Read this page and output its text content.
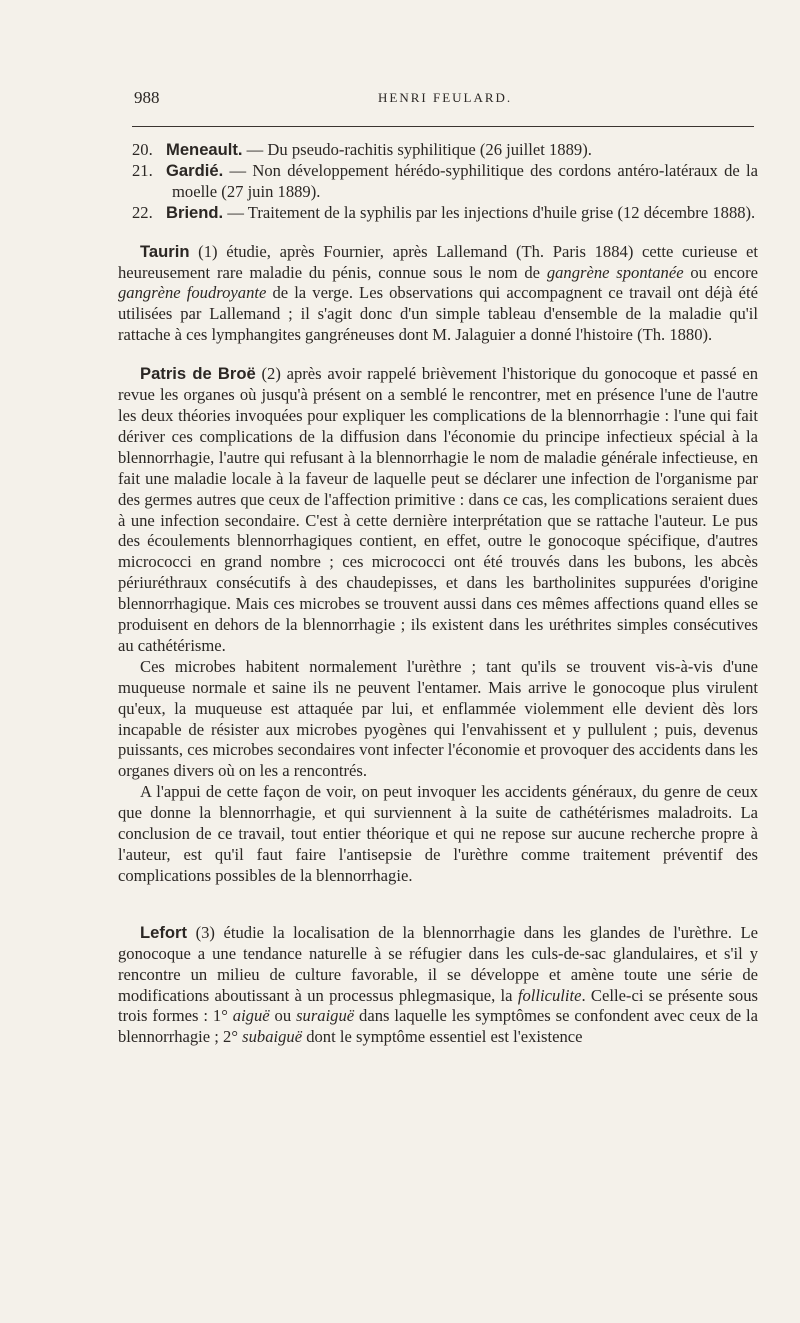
988	HENRI FEULARD.
20. Meneault. — Du pseudo-rachitis syphilitique (26 juillet 1889).
21. Gardié. — Non développement hérédo-syphilitique des cordons antéro-latéraux de la moelle (27 juin 1889).
22. Briend. — Traitement de la syphilis par les injections d'huile grise (12 décembre 1888).

Taurin (1) étudie, après Fournier, après Lallemand (Th. Paris 1884) cette curieuse et heureusement rare maladie du pénis, connue sous le nom de gangrène spontanée ou encore gangrène foudroyante de la verge. Les observations qui accompagnent ce travail ont déjà été utilisées par Lallemand ; il s'agit donc d'un simple tableau d'ensemble de la maladie qu'il rattache à ces lymphangites gangréneuses dont M. Jalaguier a donné l'histoire (Th. 1880).

Patris de Broë (2) après avoir rappelé brièvement l'historique du gonocoque et passé en revue les organes où jusqu'à présent on a semblé le rencontrer, met en présence l'une de l'autre les deux théories invoquées pour expliquer les complications de la blennorrhagie : l'une qui fait dériver ces complications de la diffusion dans l'économie du principe infectieux spécial à la blennorrhagie, l'autre qui refusant à la blennorrhagie le nom de maladie générale infectieuse, en fait une maladie locale à la faveur de laquelle peut se déclarer une infection de l'organisme par des germes autres que ceux de l'affection primitive : dans ce cas, les complications seraient dues à une infection secondaire. C'est à cette dernière interprétation que se rattache l'auteur. Le pus des écoulements blennorrhagiques contient, en effet, outre le gonocoque spécifique, d'autres micrococci en grand nombre ; ces micrococci ont été trouvés dans les bubons, les abcès périuréthraux consécutifs à des chaudepisses, et dans les bartholinites suppurées d'origine blennorrhagique. Mais ces microbes se trouvent aussi dans ces mêmes affections quand elles se produisent en dehors de la blennorrhagie ; ils existent dans les uréthrites simples consécutives au cathétérisme.

Ces microbes habitent normalement l'urèthre ; tant qu'ils se trouvent vis-à-vis d'une muqueuse normale et saine ils ne peuvent l'entamer. Mais arrive le gonocoque plus virulent qu'eux, la muqueuse est attaquée par lui, et enflammée violemment elle devient dès lors incapable de résister aux microbes pyogènes qui l'envahissent et y pullulent ; puis, devenus puissants, ces microbes secondaires vont infecter l'économie et provoquer des accidents dans les organes divers où on les a rencontrés.

A l'appui de cette façon de voir, on peut invoquer les accidents généraux, du genre de ceux que donne la blennorrhagie, et qui surviennent à la suite de cathétérismes maladroits. La conclusion de ce travail, tout entier théorique et qui ne repose sur aucune recherche propre à l'auteur, est qu'il faut faire l'antisepsie de l'urèthre comme traitement préventif des complications possibles de la blennorrhagie.

Lefort (3) étudie la localisation de la blennorrhagie dans les glandes de l'urèthre. Le gonocoque a une tendance naturelle à se réfugier dans les culs-de-sac glandulaires, et s'il y rencontre un milieu de culture favorable, il se développe et amène toute une série de modifications aboutissant à un processus phlegmasique, la folliculite. Celle-ci se présente sous trois formes : 1° aiguë ou suraiguë dans laquelle les symptômes se confondent avec ceux de la blennorrhagie ; 2° subaiguë dont le symptôme essentiel est l'existence
